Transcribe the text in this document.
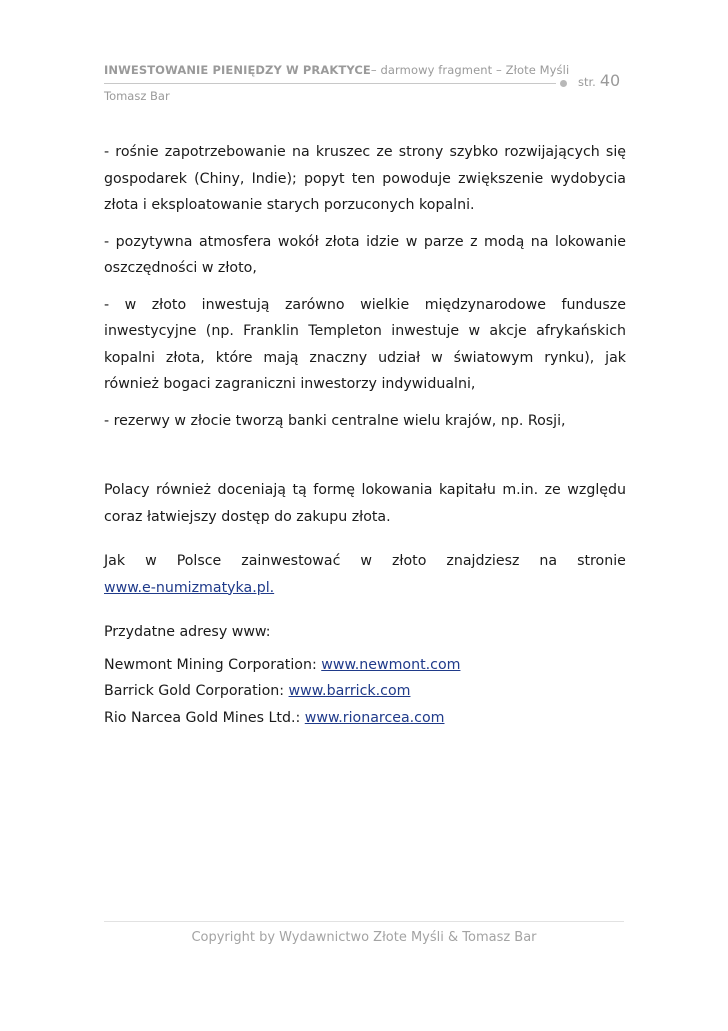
INWESTOWANIE PIENIĘDZY W PRAKTYCE– darmowy fragment – Złote Myśli
str. 40
Tomasz Bar

- rośnie zapotrzebowanie na kruszec ze strony szybko rozwijających się gospodarek (Chiny, Indie); popyt ten powoduje zwiększenie wydobycia złota i eksploatowanie starych porzuconych kopalni.

- pozytywna atmosfera wokół złota idzie w parze z modą na lokowanie oszczędności w złoto,

- w złoto inwestują zarówno wielkie międzynarodowe fundusze inwestycyjne (np. Franklin Templeton inwestuje w akcje afrykańskich kopalni złota, które mają znaczny udział w światowym rynku), jak również bogaci zagraniczni inwestorzy indywidualni,

- rezerwy w złocie tworzą banki centralne wielu krajów, np. Rosji,

Polacy również doceniają tą formę lokowania kapitału m.in. ze względu coraz łatwiejszy dostęp do zakupu złota.

Jak w Polsce zainwestować w złoto znajdziesz na stronie
www.e-numizmatyka.pl.
Przydatne adresy www:
Newmont Mining Corporation: www.newmont.com
Barrick Gold Corporation: www.barrick.com
Rio Narcea Gold Mines Ltd.: www.rionarcea.com
Copyright by Wydawnictwo Złote Myśli & Tomasz Bar
